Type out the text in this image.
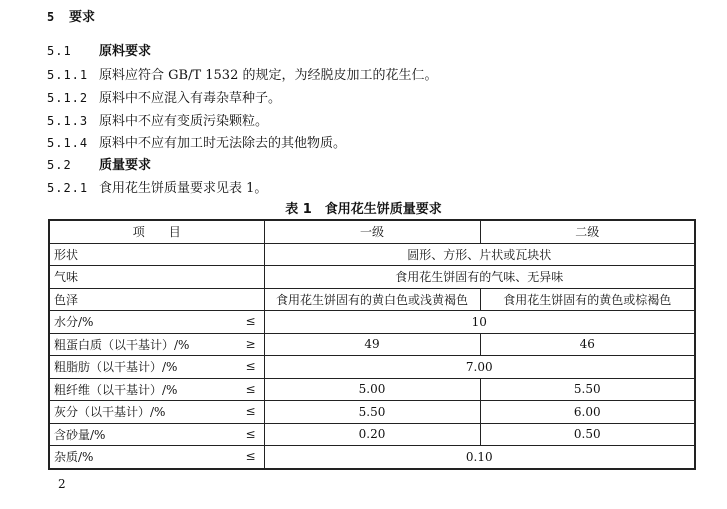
5 要求
5.1 原料要求
5.1.1 原料应符合 GB/T 1532 的规定，为经脱皮加工的花生仁。
5.1.2 原料中不应混入有毒杂草种子。
5.1.3 原料中不应有变质污染颗粒。
5.1.4 原料中不应有加工时无法除去的其他物质。
5.2 质量要求
5.2.1 食用花生饼质量要求见表 1。
表 1　食用花生饼质量要求
项　　目	一级	二级
形状	圆形、方形、片状或瓦块状	
气味	食用花生饼固有的气味、无异味	
色泽	食用花生饼固有的黄白色或浅黄褐色	食用花生饼固有的黄色或棕褐色
水分/% ≤	10	
粗蛋白质（以干基计）/% ≥	49	46
粗脂肪（以干基计）/% ≤	7.00	
粗纤维（以干基计）/% ≤	5.00	5.50
灰分（以干基计）/% ≤	5.50	6.00
含砂量/% ≤	0.20	0.50
杂质/% ≤	0.10	
2
